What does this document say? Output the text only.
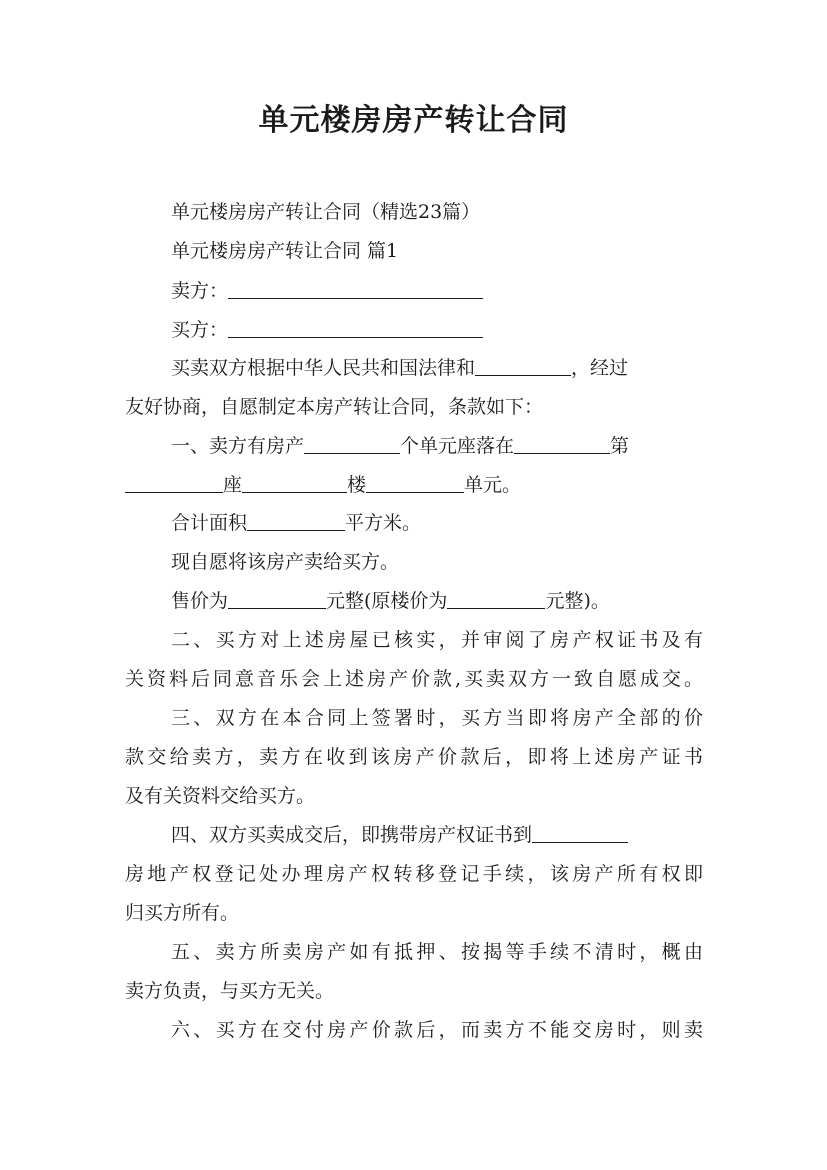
单元楼房房产转让合同
单元楼房房产转让合同（精选23篇）
单元楼房房产转让合同 篇1
卖方：
买方：
买卖双方根据中华人民共和国法律和	，经过
友好协商，自愿制定本房产转让合同，条款如下：
一、卖方有房产	个单元座落在	第
座	楼	单元。
合计面积	平方米。
现自愿将该房产卖给买方。
售价为	元整(原楼价为	元整)。
二、买方对上述房屋已核实，并审阅了房产权证书及有
关资料后同意音乐会上述房产价款,买卖双方一致自愿成交。
三、双方在本合同上签署时，买方当即将房产全部的价
款交给卖方，卖方在收到该房产价款后，即将上述房产证书
及有关资料交给买方。
四、双方买卖成交后，即携带房产权证书到
房地产权登记处办理房产权转移登记手续，该房产所有权即
归买方所有。
五、卖方所卖房产如有抵押、按揭等手续不清时，概由
卖方负责，与买方无关。
六、买方在交付房产价款后，而卖方不能交房时，则卖
